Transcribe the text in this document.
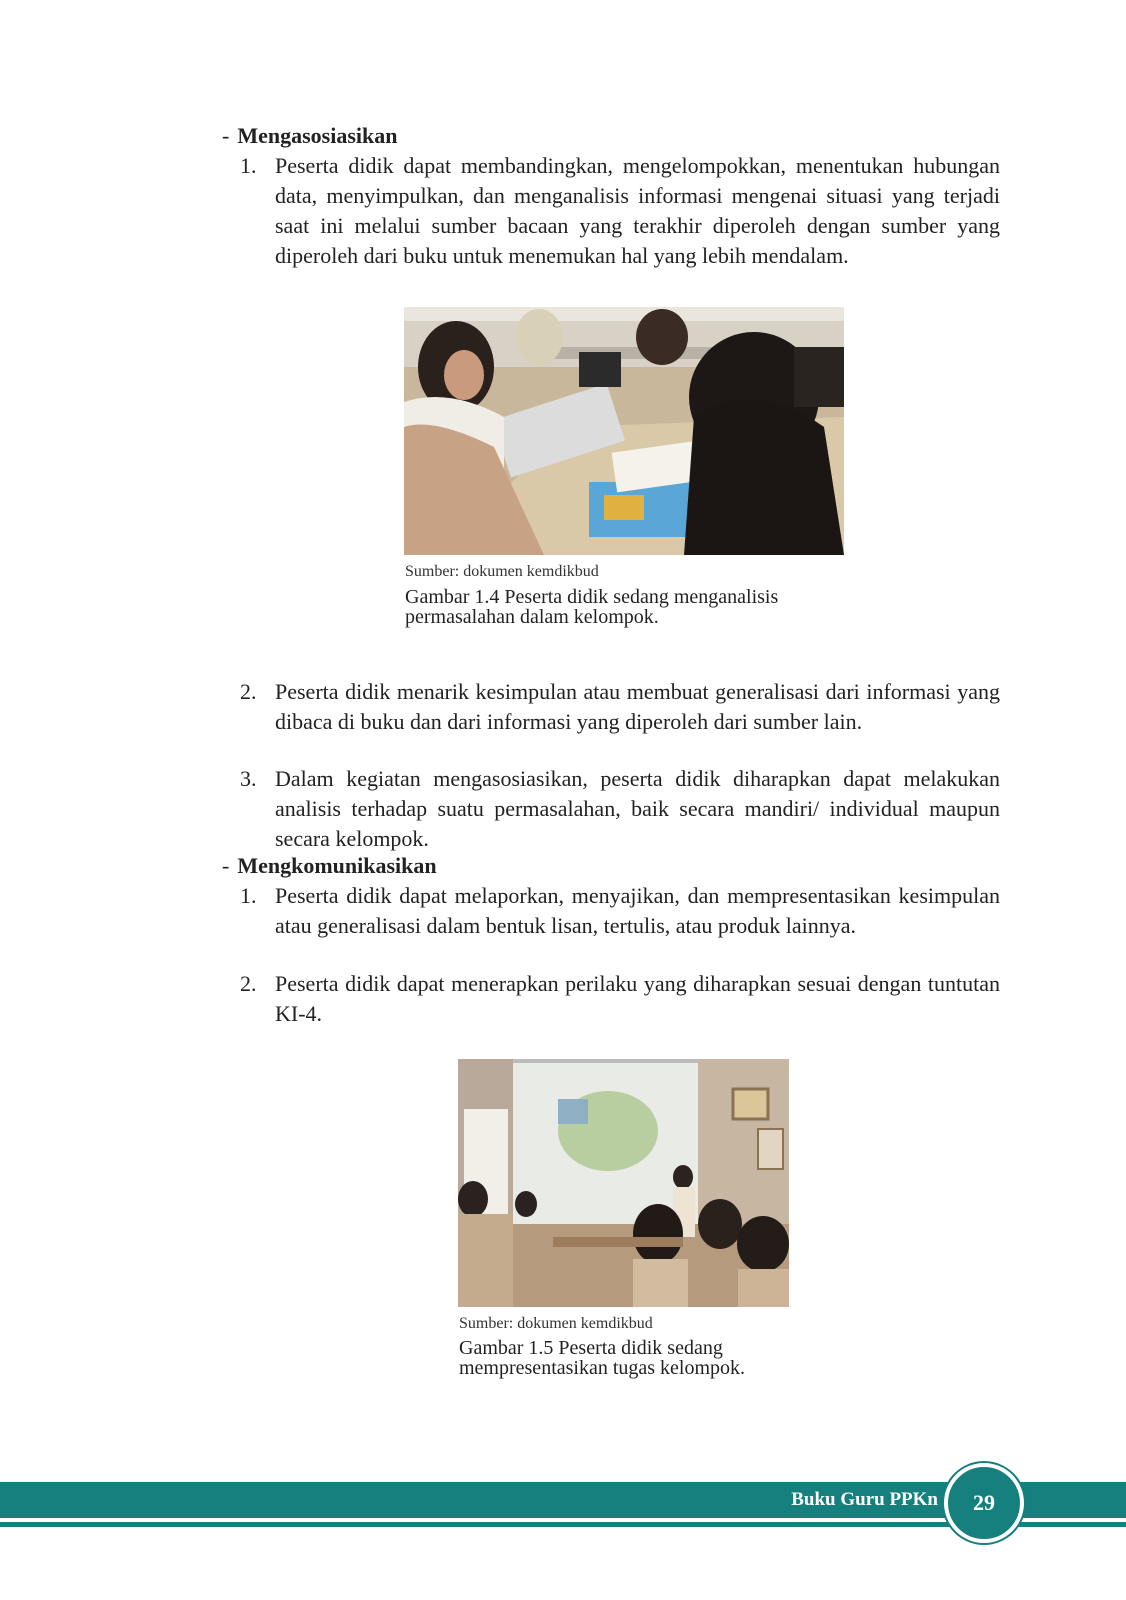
- Mengasosiasikan
1. Peserta didik dapat membandingkan, mengelompokkan, menentukan hubungan data, menyimpulkan, dan menganalisis informasi mengenai situasi yang terjadi saat ini melalui sumber bacaan yang terakhir diperoleh dengan sumber yang diperoleh dari buku untuk menemukan hal yang lebih mendalam.
Sumber: dokumen kemdikbud
Gambar 1.4 Peserta didik sedang menganalisis
permasalahan dalam kelompok.
2. Peserta didik menarik kesimpulan atau membuat generalisasi dari informasi yang dibaca di buku dan dari informasi yang diperoleh dari sumber lain.
3. Dalam kegiatan mengasosiasikan, peserta didik diharapkan dapat melakukan analisis terhadap suatu permasalahan, baik secara mandiri/ individual maupun secara kelompok.
- Mengkomunikasikan
1. Peserta didik dapat melaporkan, menyajikan, dan mempresentasikan kesimpulan atau generalisasi dalam bentuk lisan, tertulis, atau produk lainnya.
2. Peserta didik dapat menerapkan perilaku yang diharapkan sesuai dengan tuntutan KI-4.
Sumber: dokumen kemdikbud
Gambar 1.5 Peserta didik sedang
mempresentasikan tugas kelompok.
Buku Guru PPKn	29
